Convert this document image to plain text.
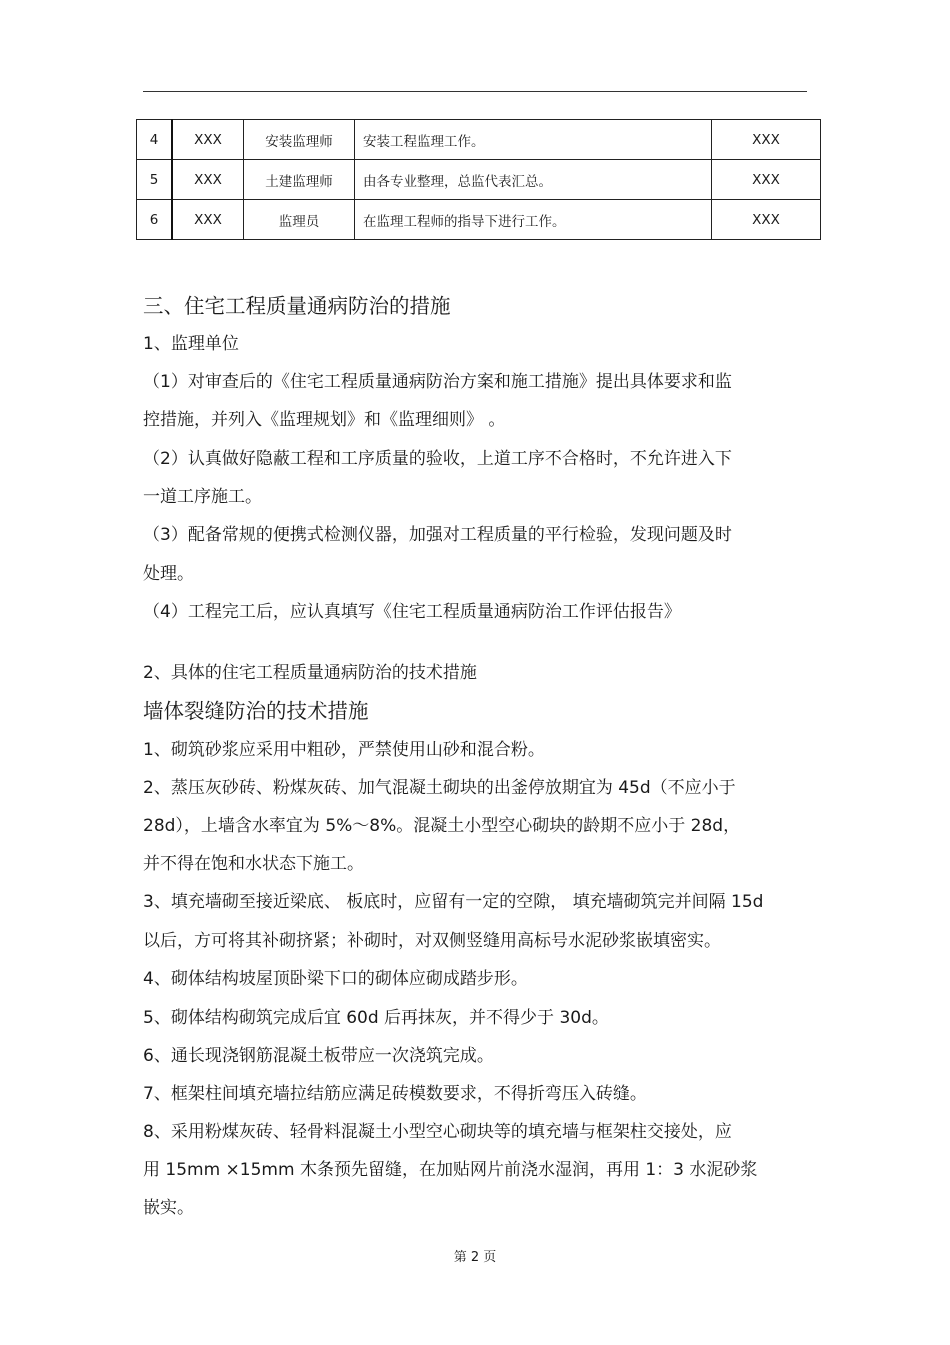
4	XXX	安装监理师	安装工程监理工作。	XXX
5	XXX	土建监理师	由各专业整理，总监代表汇总。	XXX
6	XXX	监理员	在监理工程师的指导下进行工作。	XXX
三、住宅工程质量通病防治的措施
1、监理单位
（1）对审查后的《住宅工程质量通病防治方案和施工措施》提出具体要求和监
控措施，并列入《监理规划》和《监理细则》 。
（2）认真做好隐蔽工程和工序质量的验收，上道工序不合格时，不允许进入下
一道工序施工。
（3）配备常规的便携式检测仪器，加强对工程质量的平行检验，发现问题及时
处理。
（4）工程完工后，应认真填写《住宅工程质量通病防治工作评估报告》
2、具体的住宅工程质量通病防治的技术措施
墙体裂缝防治的技术措施
1、砌筑砂浆应采用中粗砂，严禁使用山砂和混合粉。
2、蒸压灰砂砖、粉煤灰砖、加气混凝土砌块的出釜停放期宜为 45d（不应小于
28d），上墙含水率宜为 5%～8%。混凝土小型空心砌块的龄期不应小于 28d，
并不得在饱和水状态下施工。
3、填充墙砌至接近梁底、 板底时，应留有一定的空隙， 填充墙砌筑完并间隔 15d
以后，方可将其补砌挤紧；补砌时，对双侧竖缝用高标号水泥砂浆嵌填密实。
4、砌体结构坡屋顶卧梁下口的砌体应砌成踏步形。
5、砌体结构砌筑完成后宜 60d 后再抹灰，并不得少于 30d。
6、通长现浇钢筋混凝土板带应一次浇筑完成。
7、框架柱间填充墙拉结筋应满足砖模数要求，不得折弯压入砖缝。
8、采用粉煤灰砖、轻骨料混凝土小型空心砌块等的填充墙与框架柱交接处，应
用 15mm ×15mm 木条预先留缝，在加贴网片前浇水湿润，再用 1：3 水泥砂浆
嵌实。
第 2 页
